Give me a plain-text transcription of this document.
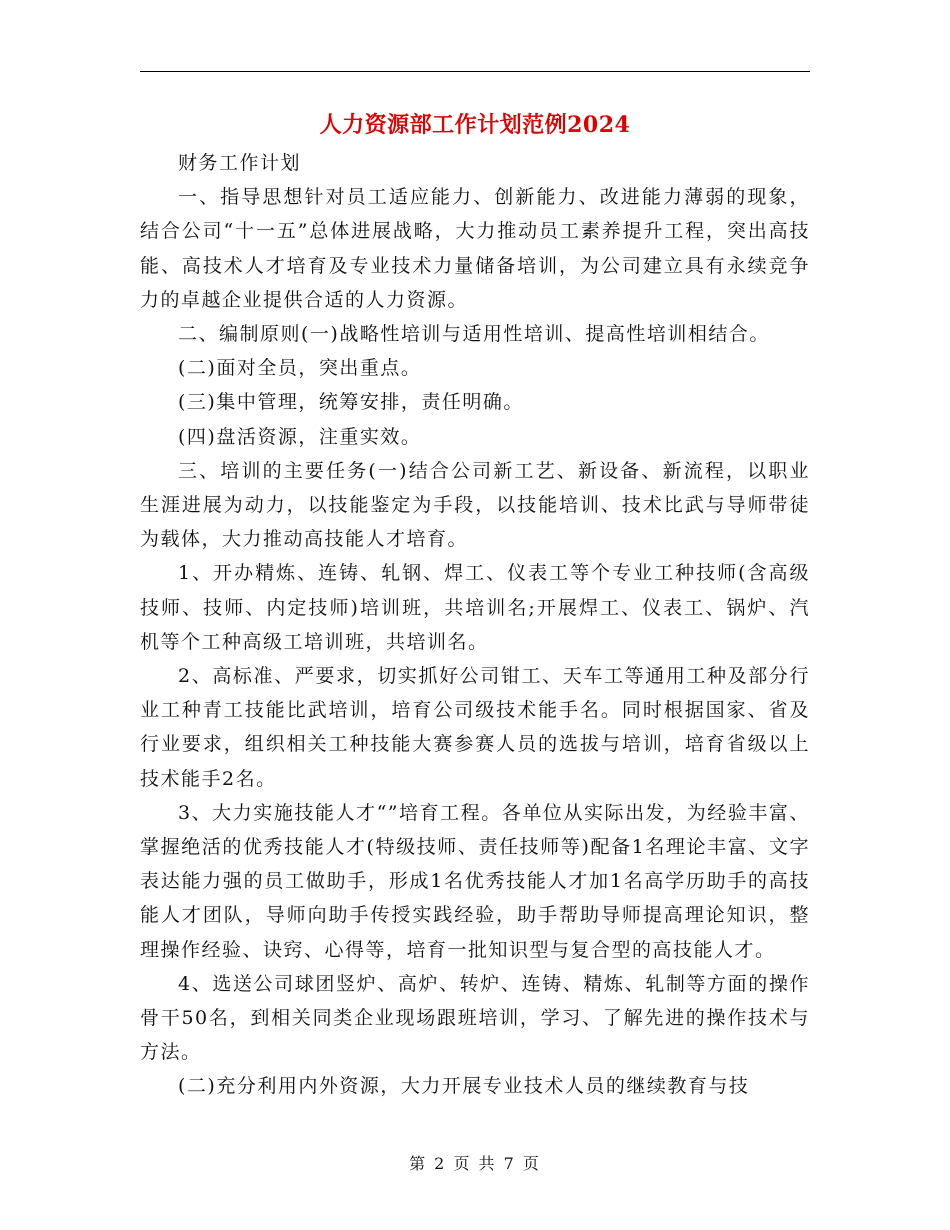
人力资源部工作计划范例2024

财务工作计划

一、指导思想针对员工适应能力、创新能力、改进能力薄弱的现象，结合公司“十一五”总体进展战略，大力推动员工素养提升工程，突出高技能、高技术人才培育及专业技术力量储备培训，为公司建立具有永续竞争力的卓越企业提供合适的人力资源。

二、编制原则(一)战略性培训与适用性培训、提高性培训相结合。

(二)面对全员，突出重点。

(三)集中管理，统筹安排，责任明确。

(四)盘活资源，注重实效。

三、培训的主要任务(一)结合公司新工艺、新设备、新流程，以职业生涯进展为动力，以技能鉴定为手段，以技能培训、技术比武与导师带徒为载体，大力推动高技能人才培育。

1、开办精炼、连铸、轧钢、焊工、仪表工等个专业工种技师(含高级技师、技师、内定技师)培训班，共培训名;开展焊工、仪表工、锅炉、汽机等个工种高级工培训班，共培训名。

2、高标准、严要求，切实抓好公司钳工、天车工等通用工种及部分行业工种青工技能比武培训，培育公司级技术能手名。同时根据国家、省及行业要求，组织相关工种技能大赛参赛人员的选拔与培训，培育省级以上技术能手2名。

3、大力实施技能人才“”培育工程。各单位从实际出发，为经验丰富、掌握绝活的优秀技能人才(特级技师、责任技师等)配备1名理论丰富、文字表达能力强的员工做助手，形成1名优秀技能人才加1名高学历助手的高技能人才团队，导师向助手传授实践经验，助手帮助导师提高理论知识，整理操作经验、诀窍、心得等，培育一批知识型与复合型的高技能人才。

4、选送公司球团竖炉、高炉、转炉、连铸、精炼、轧制等方面的操作骨干50名，到相关同类企业现场跟班培训，学习、了解先进的操作技术与方法。

(二)充分利用内外资源，大力开展专业技术人员的继续教育与技

第 2 页 共 7 页
